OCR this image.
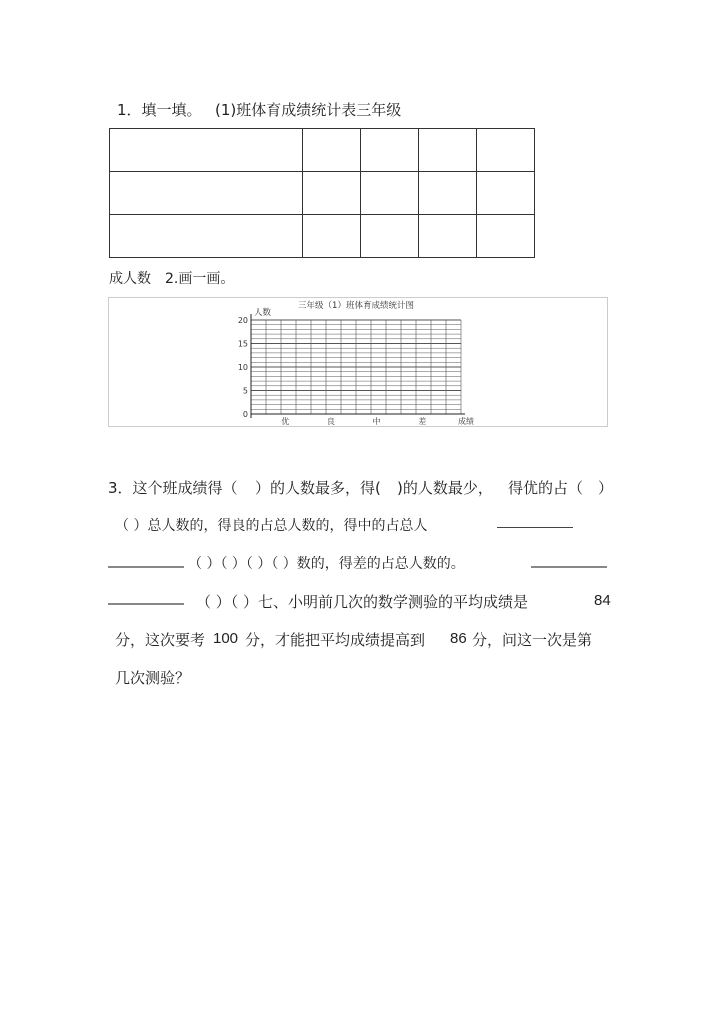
1．填一填。 (1)班体育成绩统计表三年级

成人数 2.画一画。
三年级（1）班体育成绩统计图
人数
成绩
0
5
10
15
20
优	良	中	差
3．这个班成绩得（ ）的人数最多，得( )的人数最少， 得优的占（ ）
（ ）总人数的，得良的占总人数的，得中的占总人
（ ）（ ）（ ）（ ）数的，得差的占总人数的。
（ ）（ ）七、小明前几次的数学测验的平均成绩是	84
分，这次要考 100 分，才能把平均成绩提高到 86 分，问这一次是第
几次测验？
